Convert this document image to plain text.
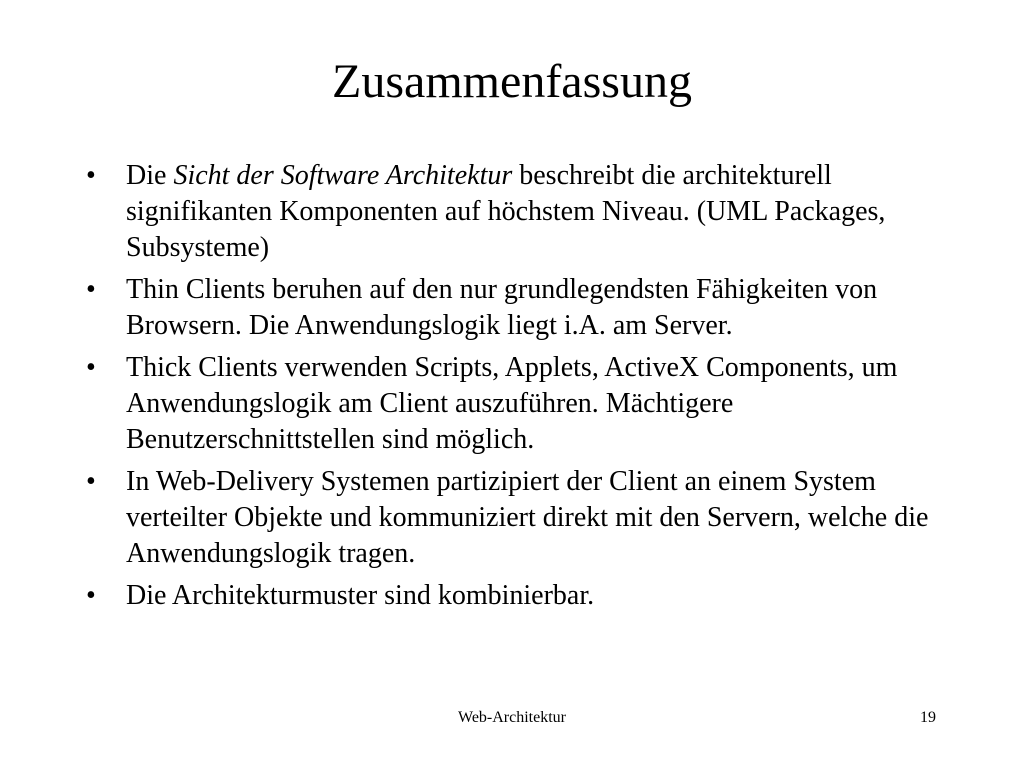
Zusammenfassung
•	Die Sicht der Software Architektur beschreibt die architekturell signifikanten Komponenten auf höchstem Niveau. (UML Packages, Subsysteme)
•	Thin Clients beruhen auf den nur grundlegendsten Fähigkeiten von Browsern. Die Anwendungslogik liegt i.A. am Server.
•	Thick Clients verwenden Scripts, Applets, ActiveX Components, um Anwendungslogik am Client auszuführen. Mächtigere Benutzerschnittstellen sind möglich.
•	In Web-Delivery Systemen partizipiert der Client an einem System verteilter Objekte und kommuniziert direkt mit den Servern, welche die Anwendungslogik tragen.
•	Die Architekturmuster sind kombinierbar.
Web-Architektur	19
